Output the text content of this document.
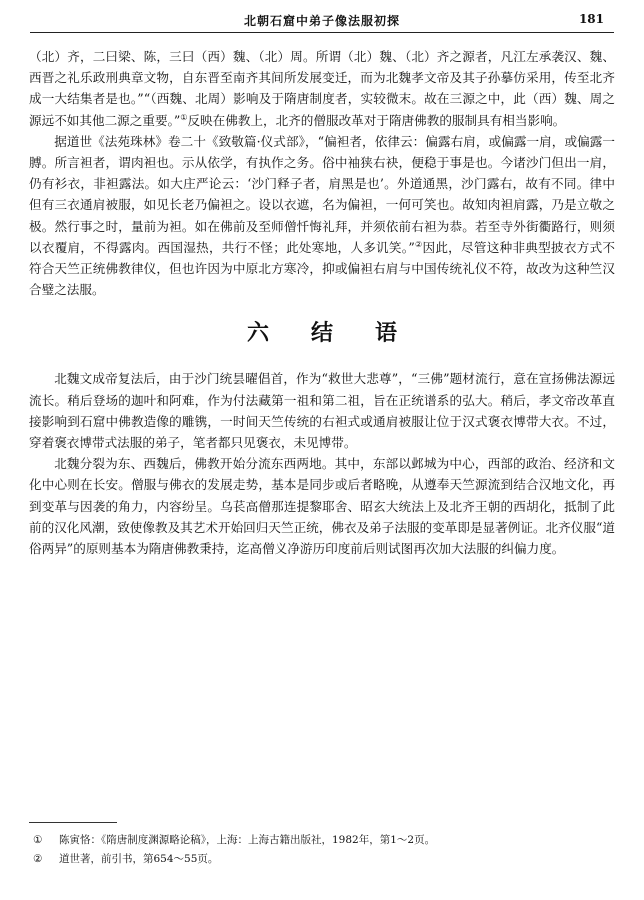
北朝石窟中弟子像法服初探	181

（北）齐，二曰梁、陈，三曰（西）魏、（北）周。所谓（北）魏、（北）齐之源者，凡江左承袭汉、魏、西晋之礼乐政刑典章文物，自东晋至南齐其间所发展变迁，而为北魏孝文帝及其子孙摹仿采用，传至北齐成一大结集者是也。”“（西魏、北周）影响及于隋唐制度者，实较微末。故在三源之中，此（西）魏、周之源远不如其他二源之重要。”①反映在佛教上，北齐的僧服改革对于隋唐佛教的服制具有相当影响。

据道世《法苑珠林》卷二十《致敬篇·仪式部》，“偏袒者，依律云：偏露右肩，或偏露一肩，或偏露一膊。所言袒者，谓肉袒也。示从依学，有执作之务。俗中袖狭右袂，便稳于事是也。今诸沙门但出一肩，仍有衫衣，非袒露法。如大庄严论云：‘沙门释子者，肩黑是也’。外道通黑，沙门露右，故有不同。律中但有三衣通肩被服，如见长老乃偏袒之。设以衣遮，名为偏袒，一何可笑也。故知肉袒肩露，乃是立敬之极。然行事之时，量前为袒。如在佛前及至师僧忏悔礼拜，并须依前右袒为恭。若至寺外街衢路行，则须以衣覆肩，不得露肉。西国湿热，共行不怪；此处寒地，人多讥笑。”②因此，尽管这种非典型披衣方式不符合天竺正统佛教律仪，但也许因为中原北方寒冷，抑或偏袒右肩与中国传统礼仪不符，故改为这种竺汉合璧之法服。

六结语

北魏文成帝复法后，由于沙门统昙曜倡首，作为“救世大悲尊”，“三佛”题材流行，意在宣扬佛法源远流长。稍后登场的迦叶和阿难，作为付法藏第一祖和第二祖，旨在正统谱系的弘大。稍后，孝文帝改革直接影响到石窟中佛教造像的雕镌，一时间天竺传统的右袒式或通肩被服让位于汉式褒衣博带大衣。不过，穿着褒衣博带式法服的弟子，笔者都只见褒衣，未见博带。

北魏分裂为东、西魏后，佛教开始分流东西两地。其中，东部以邺城为中心，西部的政治、经济和文化中心则在长安。僧服与佛衣的发展走势，基本是同步或后者略晚，从遵奉天竺源流到结合汉地文化，再到变革与因袭的角力，内容纷呈。乌苌高僧那连提黎耶舍、昭玄大统法上及北齐王朝的西胡化，抵制了此前的汉化风潮，致使像教及其艺术开始回归天竺正统，佛衣及弟子法服的变革即是显著例证。北齐仪服“道俗两异”的原则基本为隋唐佛教秉持，迄高僧义净游历印度前后则试图再次加大法服的纠偏力度。

① 陈寅恪：《隋唐制度渊源略论稿》，上海：上海古籍出版社，1982年，第1～2页。
② 道世著，前引书，第654～55页。
